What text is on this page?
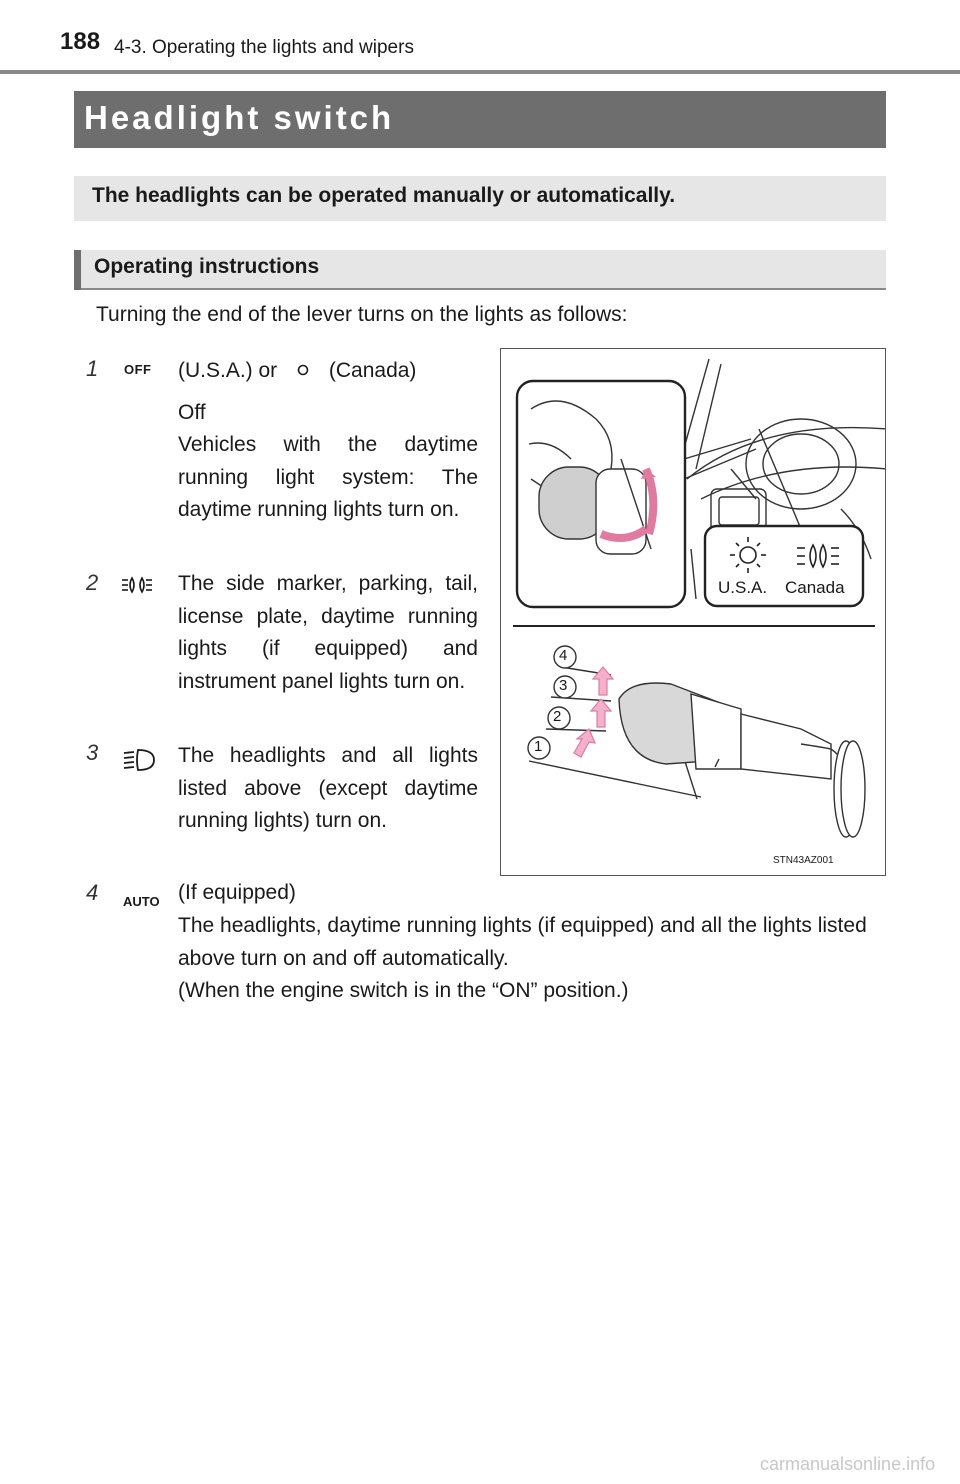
188 4-3. Operating the lights and wipers
Headlight switch
The headlights can be operated manually or automatically.
Operating instructions
Turning the end of the lever turns on the lights as follows:
1 OFF (U.S.A.) or (Canada)
Off
Vehicles with the daytime running light system: The daytime running lights turn on.
2	The side marker, parking, tail, license plate, daytime running lights (if equipped) and instrument panel lights turn on.
3	The headlights and all lights listed above (except daytime running lights) turn on.
4 AUTO (If equipped)
The headlights, daytime running lights (if equipped) and all the lights listed above turn on and off automatically.
(When the engine switch is in the “ON” position.)
4
3
2
1
U.S.A. Canada
STN43AZ001
carmanualsonline.info
